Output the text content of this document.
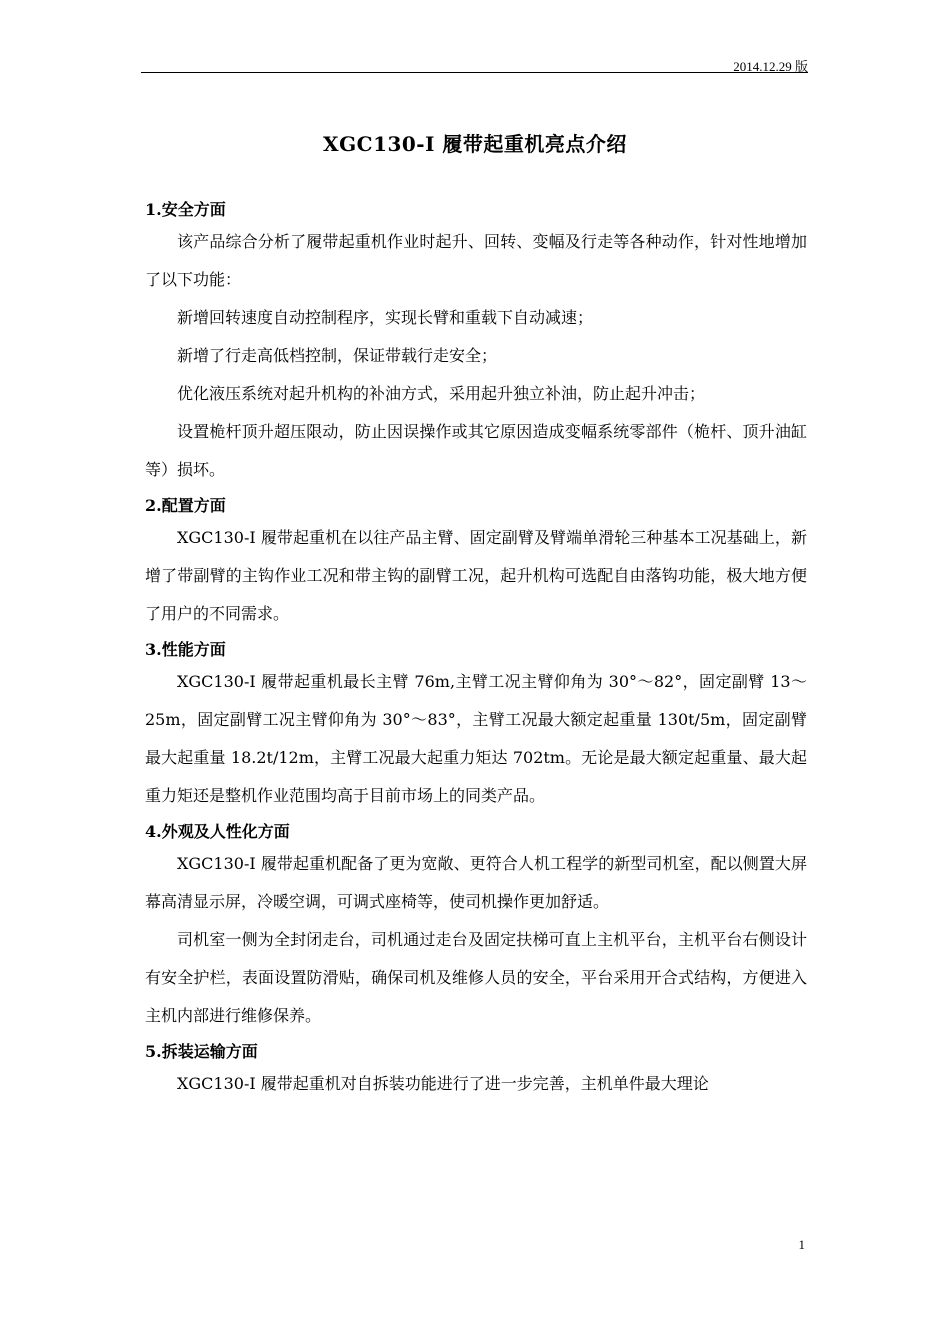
2014.12.29 版
XGC130-I 履带起重机亮点介绍
1.安全方面

该产品综合分析了履带起重机作业时起升、回转、变幅及行走等各种动作，针对性地增加了以下功能：

新增回转速度自动控制程序，实现长臂和重载下自动减速；

新增了行走高低档控制，保证带载行走安全；

优化液压系统对起升机构的补油方式，采用起升独立补油，防止起升冲击；

设置桅杆顶升超压限动，防止因误操作或其它原因造成变幅系统零部件（桅杆、顶升油缸等）损坏。

2.配置方面

XGC130-I 履带起重机在以往产品主臂、固定副臂及臂端单滑轮三种基本工况基础上，新增了带副臂的主钩作业工况和带主钩的副臂工况，起升机构可选配自由落钩功能，极大地方便了用户的不同需求。

3.性能方面

XGC130-I 履带起重机最长主臂 76m,主臂工况主臂仰角为 30°～82°，固定副臂 13～25m，固定副臂工况主臂仰角为 30°～83°，主臂工况最大额定起重量 130t/5m，固定副臂最大起重量 18.2t/12m，主臂工况最大起重力矩达 702tm。无论是最大额定起重量、最大起重力矩还是整机作业范围均高于目前市场上的同类产品。

4.外观及人性化方面

XGC130-I 履带起重机配备了更为宽敞、更符合人机工程学的新型司机室，配以侧置大屏幕高清显示屏，冷暖空调，可调式座椅等，使司机操作更加舒适。

司机室一侧为全封闭走台，司机通过走台及固定扶梯可直上主机平台，主机平台右侧设计有安全护栏，表面设置防滑贴，确保司机及维修人员的安全，平台采用开合式结构，方便进入主机内部进行维修保养。

5.拆装运输方面

XGC130-I 履带起重机对自拆装功能进行了进一步完善，主机单件最大理论

1
